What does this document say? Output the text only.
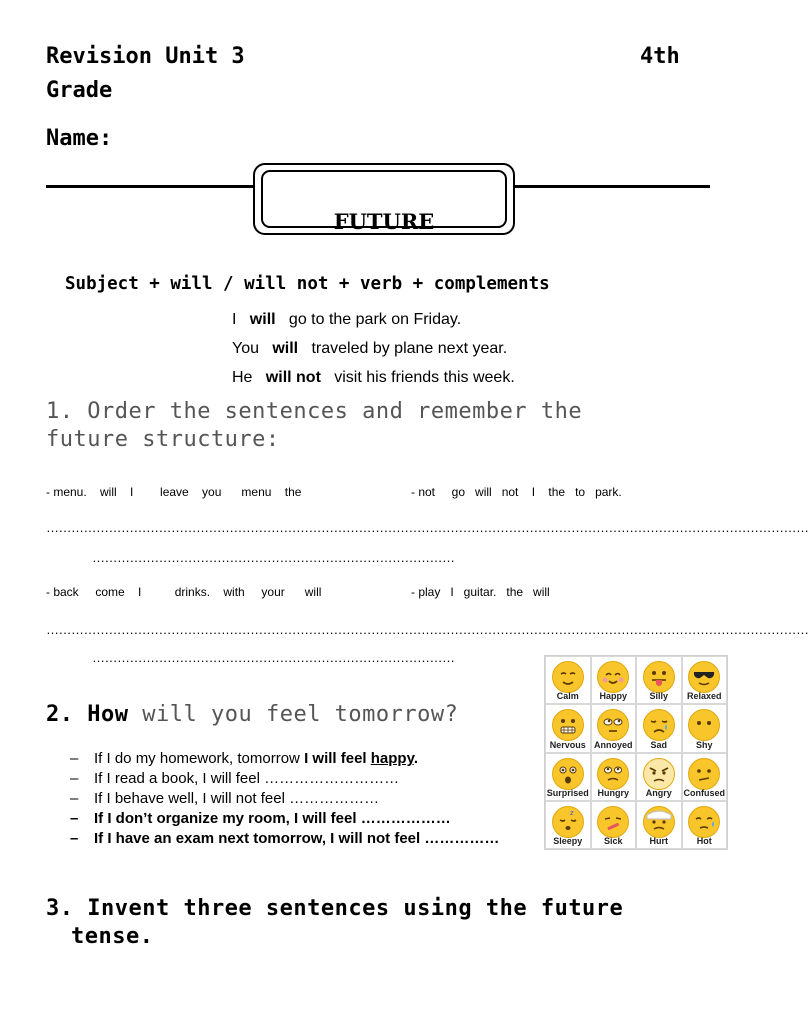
Revision Unit 3	4th
Grade
Name:
FUTURE
Subject + will / will not + verb + complements
I will go to the park on Friday.
You will traveled by plane next year.
He will not visit his friends this week.
1. Order the sentences and remember the
future structure:
- menu.    will    I        leave    you      menu    the	- not     go   will   not    I    the   to   park.
…………………………………………………………………………………………………………………………………………………………………
……………………………………………………………………………
- back     come    I          drinks.    with     your      will	- play   I   guitar.   the   will
…………………………………………………………………………………………………………………………………………………………………
……………………………………………………………………………
2. How will you feel tomorrow?
– If I do my homework, tomorrow I will feel happy.
– If I read a book, I will feel ………………………
– If I behave well, I will not feel ………………
– If I don’t organize my room, I will feel ………………
– If I have an exam next tomorrow, I will not feel ……………
Calm	Happy	Silly	Relaxed
Nervous Annoyed	Sad	Shy
Surprised Hungry	Angry	Confused
z
Sleepy	Sick	Hurt	Hot
3. Invent three sentences using the future
tense.
